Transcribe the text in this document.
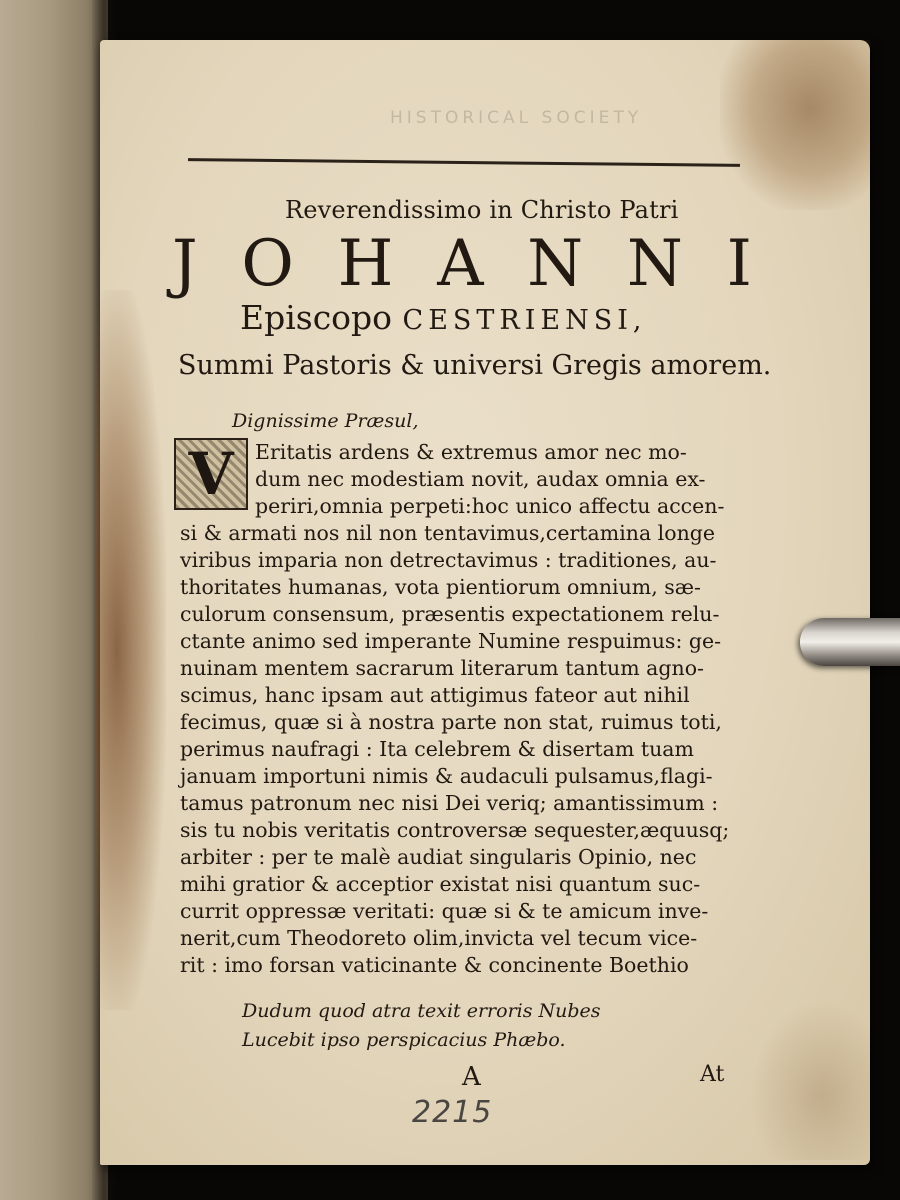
HISTORICAL SOCIETY
Reverendissimo in Christo Patri
J O H A N N I
Episcopo CESTRIENSI,
Summi Pastoris & universi Gregis amorem.
Dignissime Præsul,
V Eritatis ardens & extremus amor nec mo-
dum nec modestiam novit, audax omnia ex-
periri,omnia perpeti:hoc unico affectu accen-
si & armati nos nil non tentavimus,certamina longe
viribus imparia non detrectavimus : traditiones, au-
thoritates humanas, vota pientiorum omnium, sæ-
culorum consensum, præsentis expectationem relu-
ctante animo sed imperante Numine respuimus: ge-
nuinam mentem sacrarum literarum tantum agno-
scimus, hanc ipsam aut attigimus fateor aut nihil
fecimus, quæ si à nostra parte non stat, ruimus toti,
perimus naufragi : Ita celebrem & disertam tuam
januam importuni nimis & audaculi pulsamus,flagi-
tamus patronum nec nisi Dei veriq; amantissimum :
sis tu nobis veritatis controversæ sequester,æquusq;
arbiter : per te malè audiat singularis Opinio, nec
mihi gratior & acceptior existat nisi quantum suc-
currit oppressæ veritati: quæ si & te amicum inve-
nerit,cum Theodoreto olim,invicta vel tecum vice-
rit : imo forsan vaticinante & concinente Boethio
Dudum quod atra texit erroris Nubes
Lucebit ipso perspicacius Phæbo.
A	At
2215
